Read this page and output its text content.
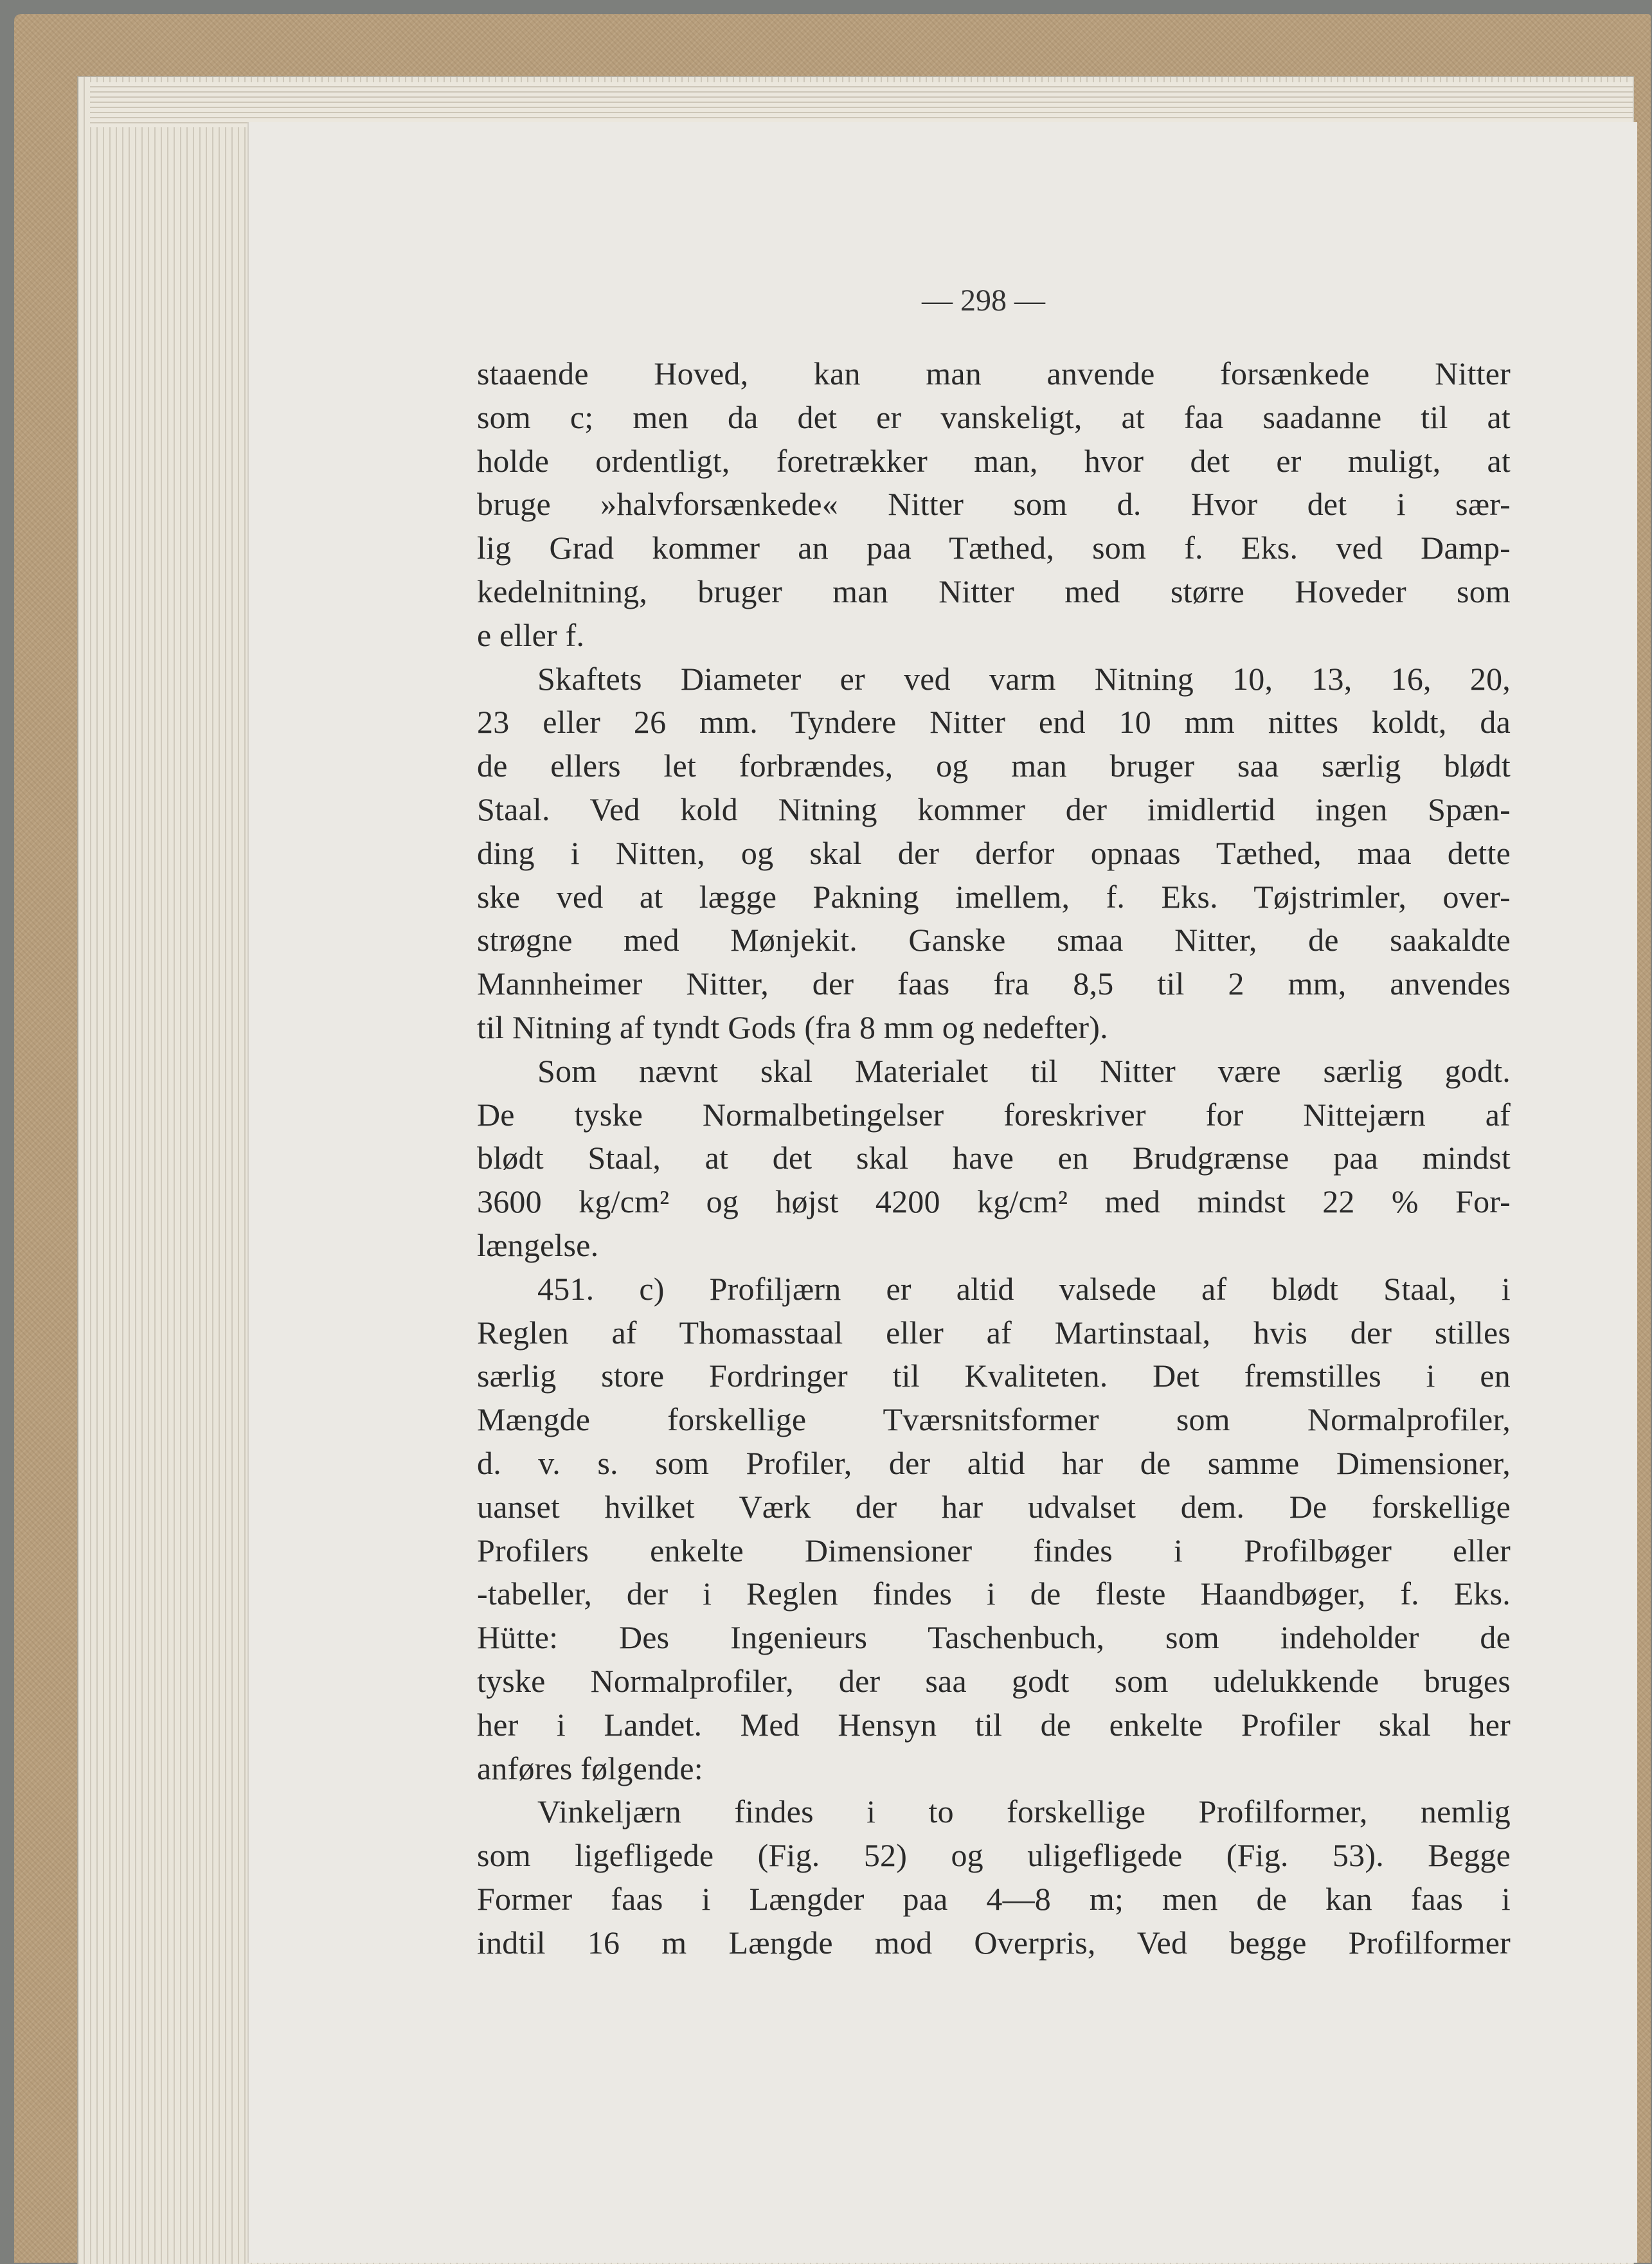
— 298 —
staaende Hoved, kan man anvende forsænkede Nitter
som c; men da det er vanskeligt, at faa saadanne til at
holde ordentligt, foretrækker man, hvor det er muligt, at
bruge »halvforsænkede« Nitter som d. Hvor det i sær-
lig Grad kommer an paa Tæthed, som f. Eks. ved Damp-
kedelnitning, bruger man Nitter med større Hoveder som
e eller f.
Skaftets Diameter er ved varm Nitning 10, 13, 16, 20,
23 eller 26 mm. Tyndere Nitter end 10 mm nittes koldt, da
de ellers let forbrændes, og man bruger saa særlig blødt
Staal. Ved kold Nitning kommer der imidlertid ingen Spæn-
ding i Nitten, og skal der derfor opnaas Tæthed, maa dette
ske ved at lægge Pakning imellem, f. Eks. Tøjstrimler, over-
strøgne med Mønjekit. Ganske smaa Nitter, de saakaldte
Mannheimer Nitter, der faas fra 8,5 til 2 mm, anvendes
til Nitning af tyndt Gods (fra 8 mm og nedefter).
Som nævnt skal Materialet til Nitter være særlig godt.
De tyske Normalbetingelser foreskriver for Nittejærn af
blødt Staal, at det skal have en Brudgrænse paa mindst
3600 kg/cm² og højst 4200 kg/cm² med mindst 22 % For-
længelse.
451. c) Profiljærn er altid valsede af blødt Staal, i
Reglen af Thomasstaal eller af Martinstaal, hvis der stilles
særlig store Fordringer til Kvaliteten. Det fremstilles i en
Mængde forskellige Tværsnitsformer som Normalprofiler,
d. v. s. som Profiler, der altid har de samme Dimensioner,
uanset hvilket Værk der har udvalset dem. De forskellige
Profilers enkelte Dimensioner findes i Profilbøger eller
-tabeller, der i Reglen findes i de fleste Haandbøger, f. Eks.
Hütte: Des Ingenieurs Taschenbuch, som indeholder de
tyske Normalprofiler, der saa godt som udelukkende bruges
her i Landet. Med Hensyn til de enkelte Profiler skal her
anføres følgende:
Vinkeljærn findes i to forskellige Profilformer, nemlig
som ligefligede (Fig. 52) og uligefligede (Fig. 53). Begge
Former faas i Længder paa 4—8 m; men de kan faas i
indtil 16 m Længde mod Overpris, Ved begge Profilformer
